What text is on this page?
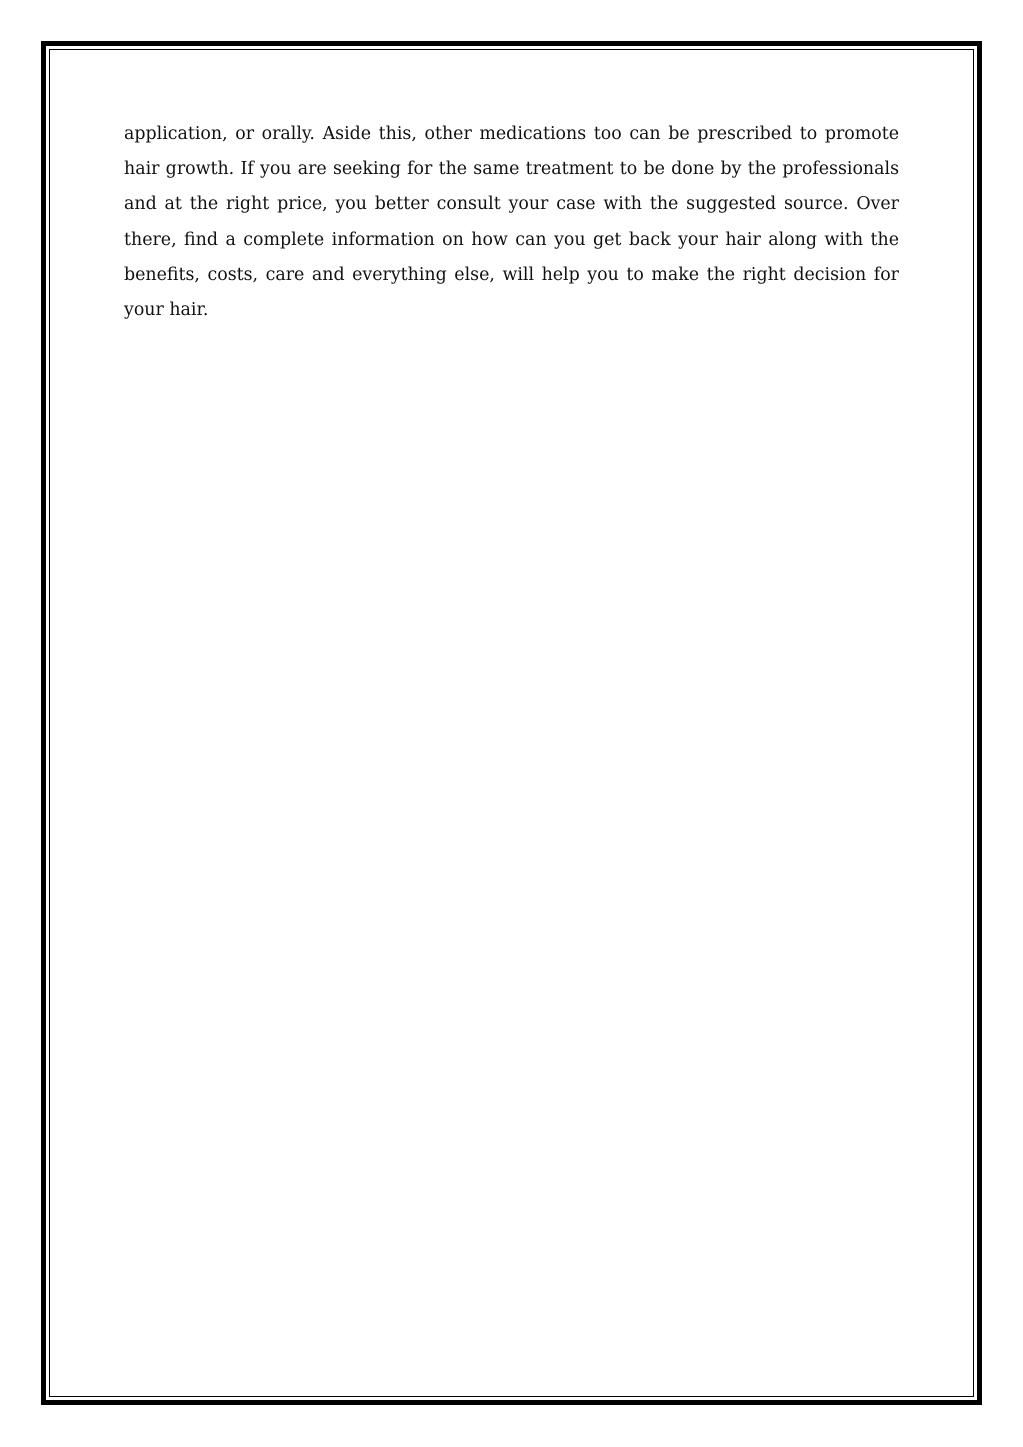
application, or orally. Aside this, other medications too can be prescribed to promote hair growth. If you are seeking for the same treatment to be done by the professionals and at the right price, you better consult your case with the suggested source. Over there, find a complete information on how can you get back your hair along with the benefits, costs, care and everything else, will help you to make the right decision for your hair.
